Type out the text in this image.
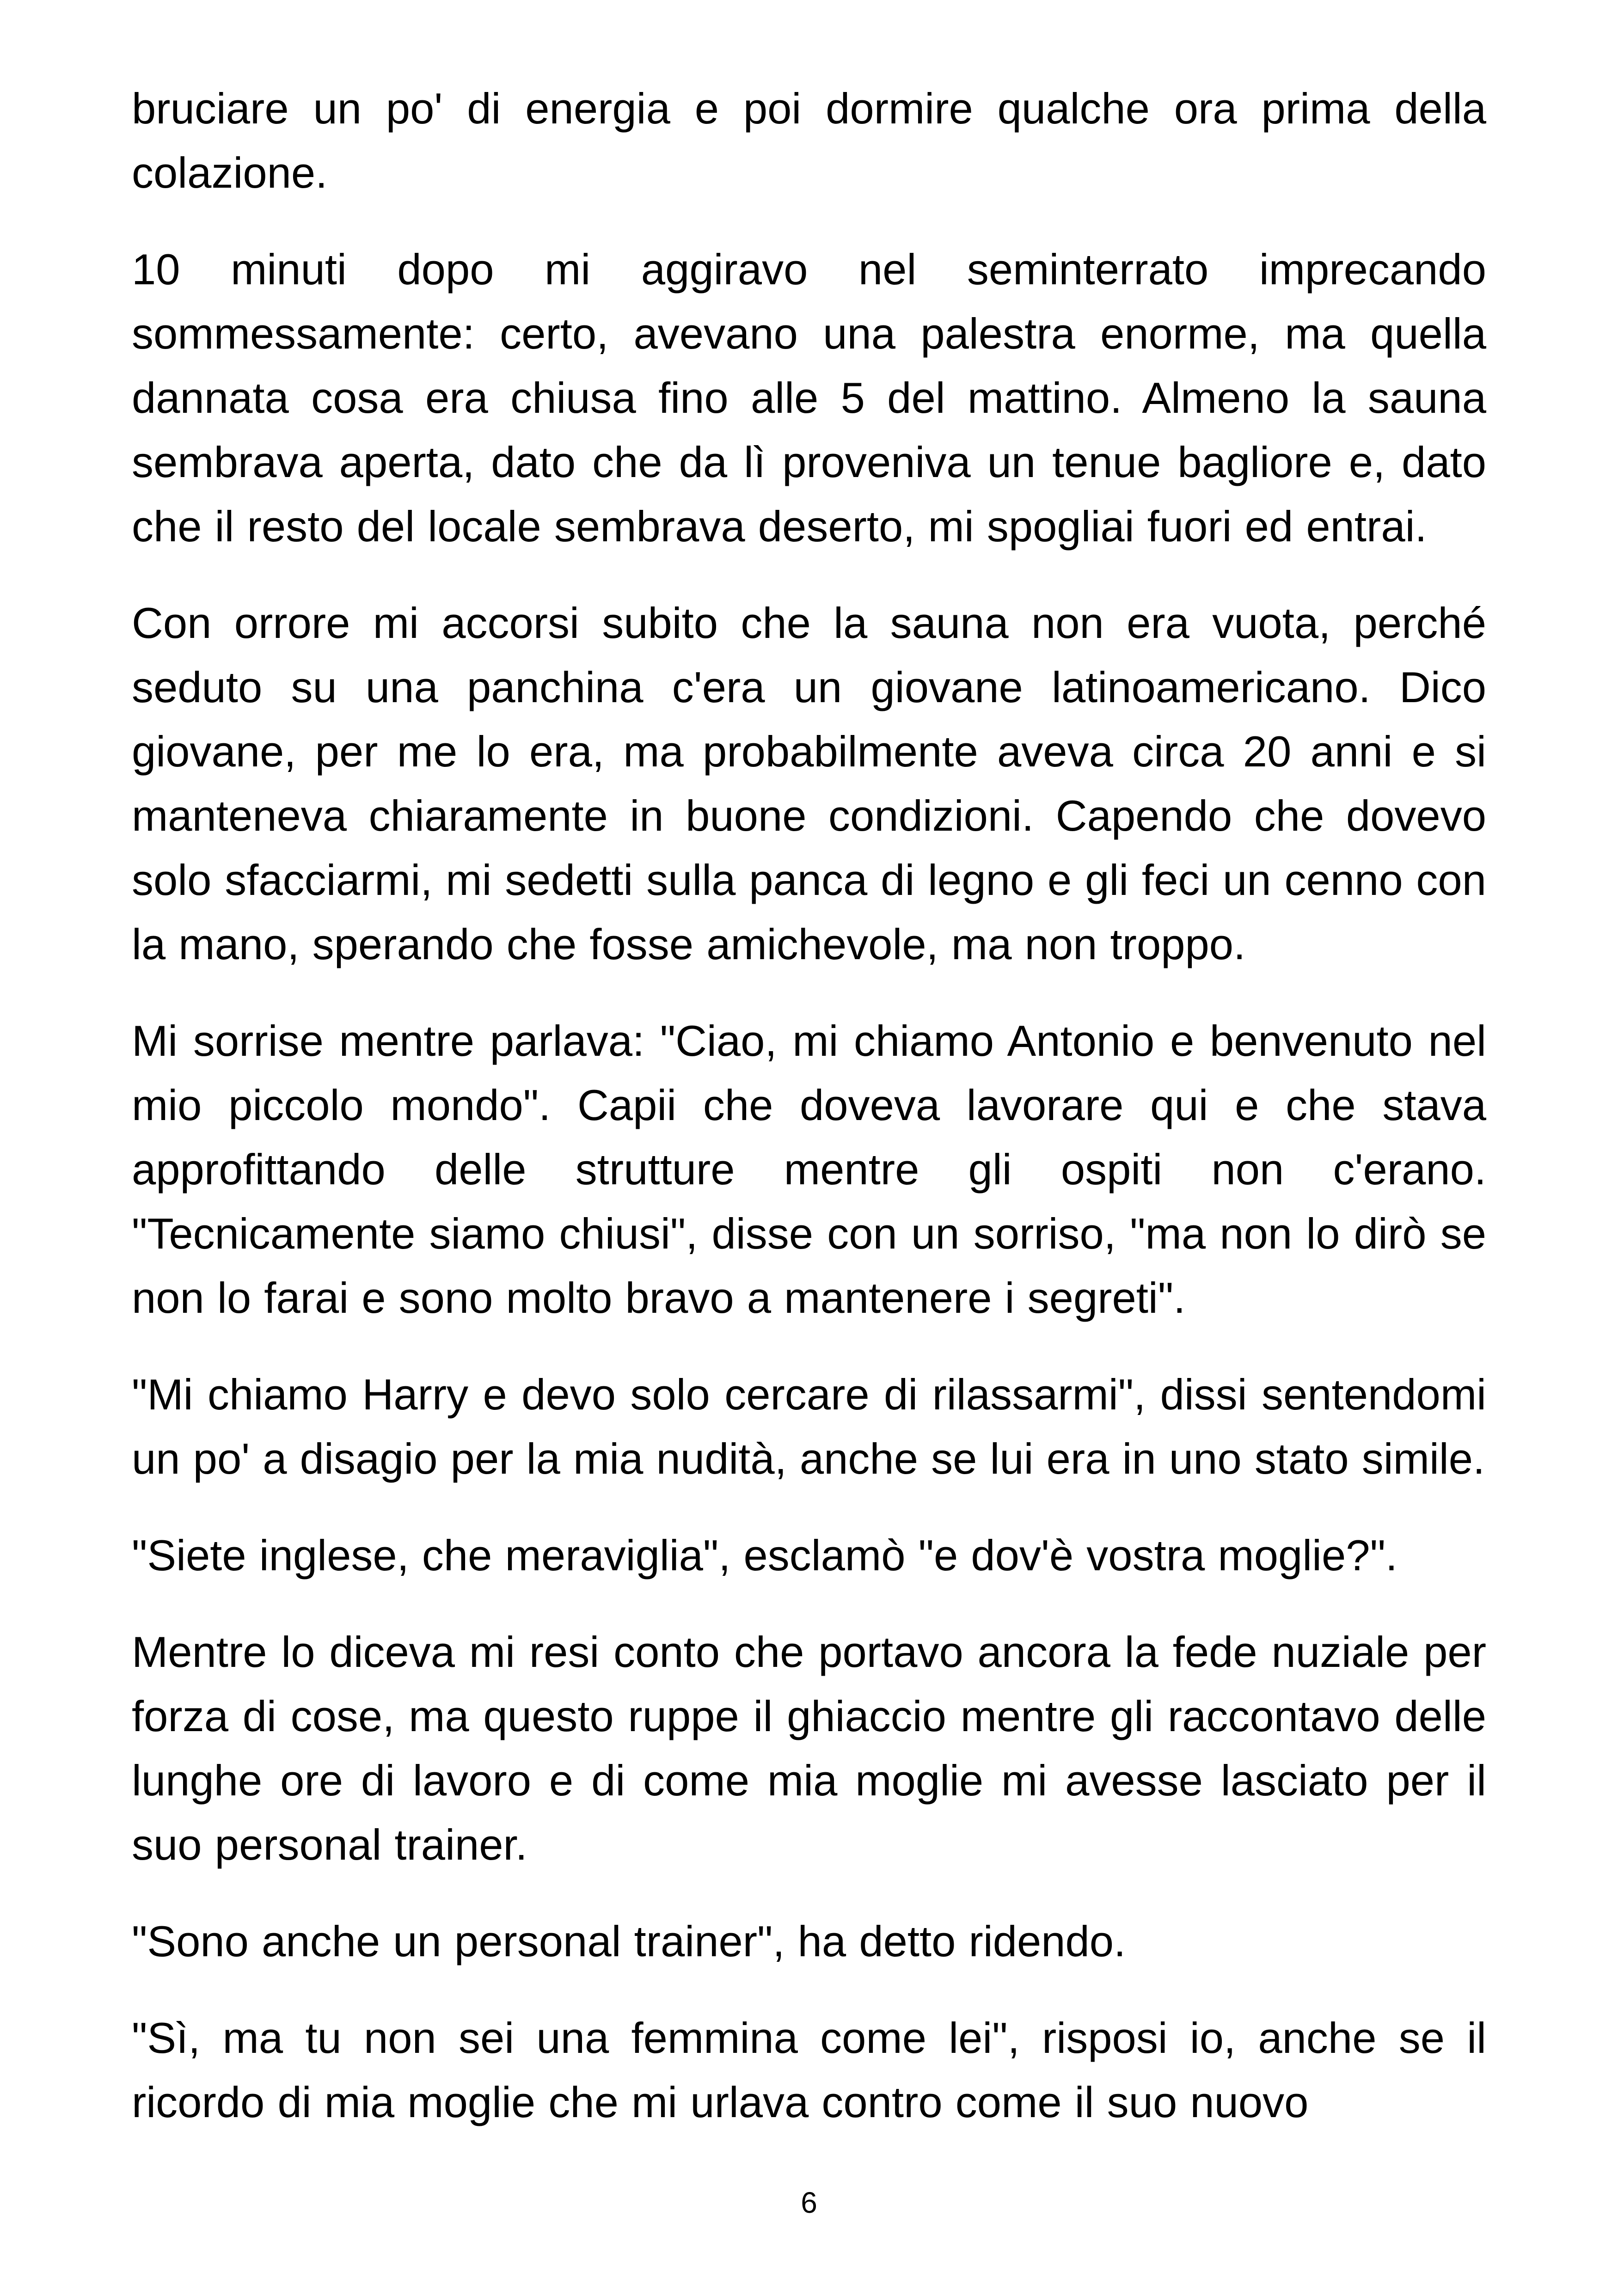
bruciare un po' di energia e poi dormire qualche ora prima della colazione.

10 minuti dopo mi aggiravo nel seminterrato imprecando sommessamente: certo, avevano una palestra enorme, ma quella dannata cosa era chiusa fino alle 5 del mattino. Almeno la sauna sembrava aperta, dato che da lì proveniva un tenue bagliore e, dato che il resto del locale sembrava deserto, mi spogliai fuori ed entrai.

Con orrore mi accorsi subito che la sauna non era vuota, perché seduto su una panchina c'era un giovane latinoamericano. Dico giovane, per me lo era, ma probabilmente aveva circa 20 anni e si manteneva chiaramente in buone condizioni. Capendo che dovevo solo sfacciarmi, mi sedetti sulla panca di legno e gli feci un cenno con la mano, sperando che fosse amichevole, ma non troppo.

Mi sorrise mentre parlava: "Ciao, mi chiamo Antonio e benvenuto nel mio piccolo mondo". Capii che doveva lavorare qui e che stava approfittando delle strutture mentre gli ospiti non c'erano. "Tecnicamente siamo chiusi", disse con un sorriso, "ma non lo dirò se non lo farai e sono molto bravo a mantenere i segreti".

"Mi chiamo Harry e devo solo cercare di rilassarmi", dissi sentendomi un po' a disagio per la mia nudità, anche se lui era in uno stato simile.

"Siete inglese, che meraviglia", esclamò "e dov'è vostra moglie?".

Mentre lo diceva mi resi conto che portavo ancora la fede nuziale per forza di cose, ma questo ruppe il ghiaccio mentre gli raccontavo delle lunghe ore di lavoro e di come mia moglie mi avesse lasciato per il suo personal trainer.

"Sono anche un personal trainer", ha detto ridendo.

"Sì, ma tu non sei una femmina come lei", risposi io, anche se il ricordo di mia moglie che mi urlava contro come il suo nuovo

6
